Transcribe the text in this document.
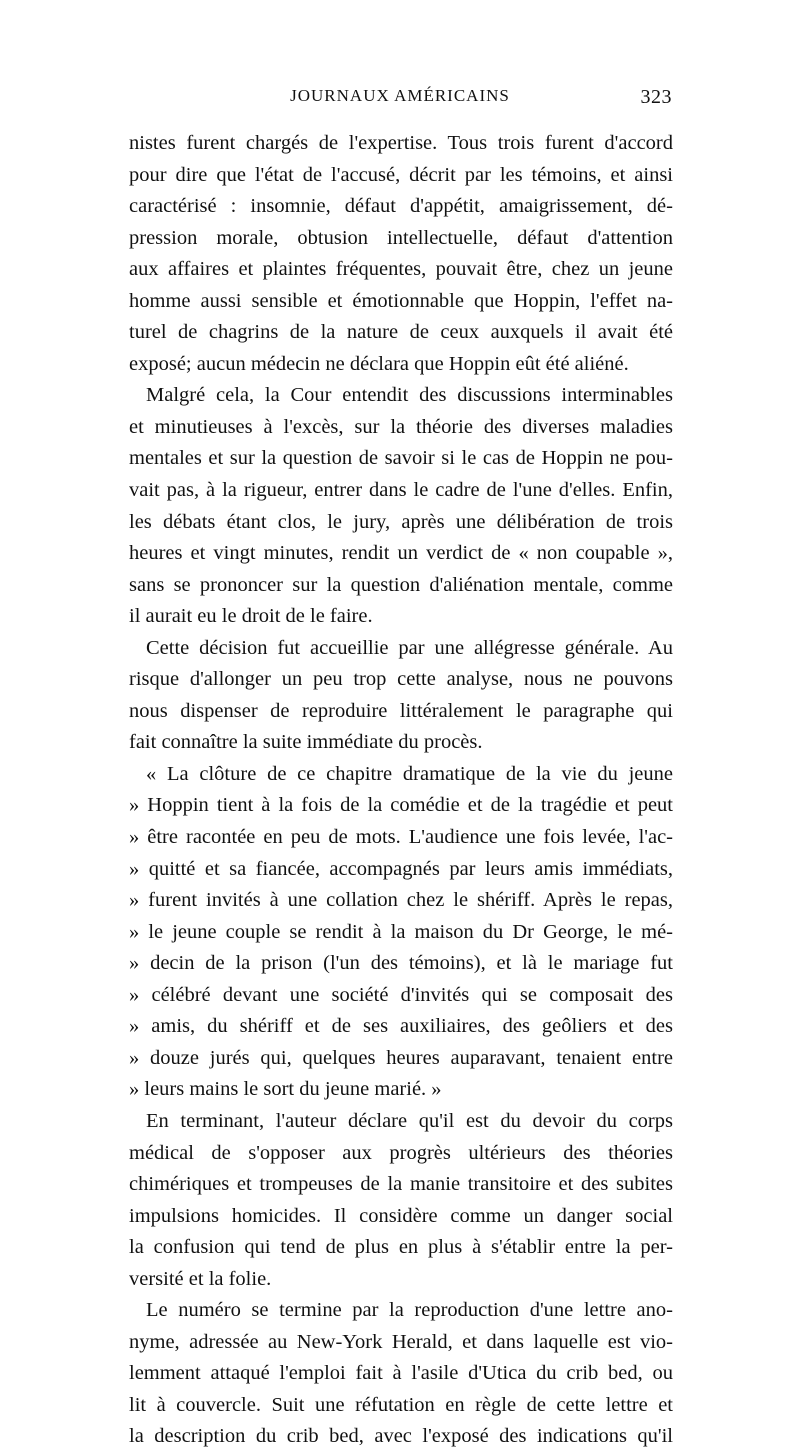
JOURNAUX AMÉRICAINS	323
nistes furent chargés de l'expertise. Tous trois furent d'accord
pour dire que l'état de l'accusé, décrit par les témoins, et ainsi
caractérisé : insomnie, défaut d'appétit, amaigrissement, dé-
pression morale, obtusion intellectuelle, défaut d'attention
aux affaires et plaintes fréquentes, pouvait être, chez un jeune
homme aussi sensible et émotionnable que Hoppin, l'effet na-
turel de chagrins de la nature de ceux auxquels il avait été
exposé; aucun médecin ne déclara que Hoppin eût été aliéné.
Malgré cela, la Cour entendit des discussions interminables
et minutieuses à l'excès, sur la théorie des diverses maladies
mentales et sur la question de savoir si le cas de Hoppin ne pou-
vait pas, à la rigueur, entrer dans le cadre de l'une d'elles. Enfin,
les débats étant clos, le jury, après une délibération de trois
heures et vingt minutes, rendit un verdict de « non coupable »,
sans se prononcer sur la question d'aliénation mentale, comme
il aurait eu le droit de le faire.
Cette décision fut accueillie par une allégresse générale. Au
risque d'allonger un peu trop cette analyse, nous ne pouvons
nous dispenser de reproduire littéralement le paragraphe qui
fait connaître la suite immédiate du procès.
« La clôture de ce chapitre dramatique de la vie du jeune
» Hoppin tient à la fois de la comédie et de la tragédie et peut
» être racontée en peu de mots. L'audience une fois levée, l'ac-
» quitté et sa fiancée, accompagnés par leurs amis immédiats,
» furent invités à une collation chez le shériff. Après le repas,
» le jeune couple se rendit à la maison du Dr George, le mé-
» decin de la prison (l'un des témoins), et là le mariage fut
» célébré devant une société d'invités qui se composait des
» amis, du shériff et de ses auxiliaires, des geôliers et des
» douze jurés qui, quelques heures auparavant, tenaient entre
» leurs mains le sort du jeune marié. »
En terminant, l'auteur déclare qu'il est du devoir du corps
médical de s'opposer aux progrès ultérieurs des théories
chimériques et trompeuses de la manie transitoire et des subites
impulsions homicides. Il considère comme un danger social
la confusion qui tend de plus en plus à s'établir entre la per-
versité et la folie.
Le numéro se termine par la reproduction d'une lettre ano-
nyme, adressée au New-York Herald, et dans laquelle est vio-
lemment attaqué l'emploi fait à l'asile d'Utica du crib bed, ou
lit à couvercle. Suit une réfutation en règle de cette lettre et
la description du crib bed, avec l'exposé des indications qu'il
